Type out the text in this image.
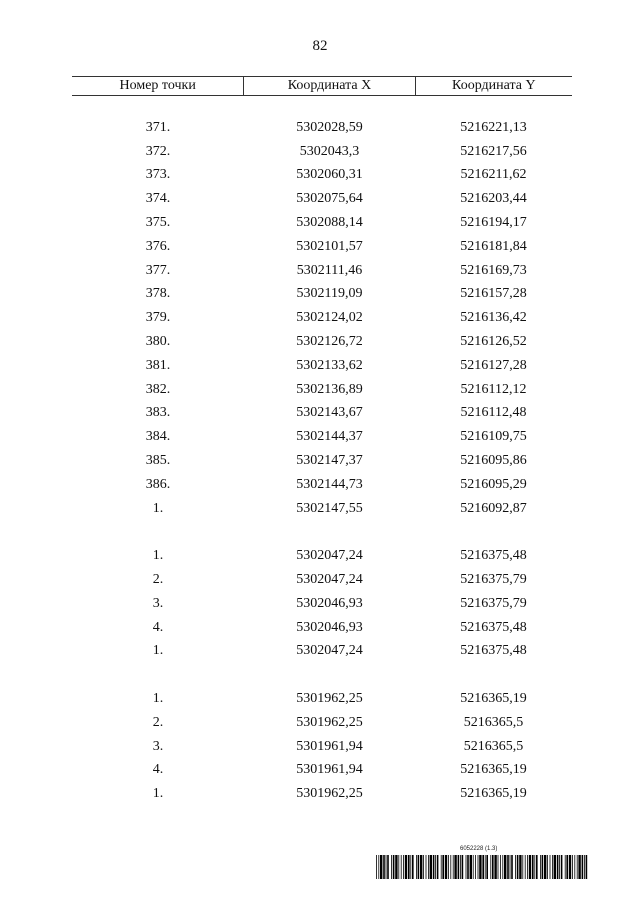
82
Номер точки	Координата X	Координата Y
371.	5302028,59	5216221,13
372.	5302043,3	5216217,56
373.	5302060,31	5216211,62
374.	5302075,64	5216203,44
375.	5302088,14	5216194,17
376.	5302101,57	5216181,84
377.	5302111,46	5216169,73
378.	5302119,09	5216157,28
379.	5302124,02	5216136,42
380.	5302126,72	5216126,52
381.	5302133,62	5216127,28
382.	5302136,89	5216112,12
383.	5302143,67	5216112,48
384.	5302144,37	5216109,75
385.	5302147,37	5216095,86
386.	5302144,73	5216095,29
1.	5302147,55	5216092,87
1.	5302047,24	5216375,48
2.	5302047,24	5216375,79
3.	5302046,93	5216375,79
4.	5302046,93	5216375,48
1.	5302047,24	5216375,48
1.	5301962,25	5216365,19
2.	5301962,25	5216365,5
3.	5301961,94	5216365,5
4.	5301961,94	5216365,19
1.	5301962,25	5216365,19
6052228 (1.3)
